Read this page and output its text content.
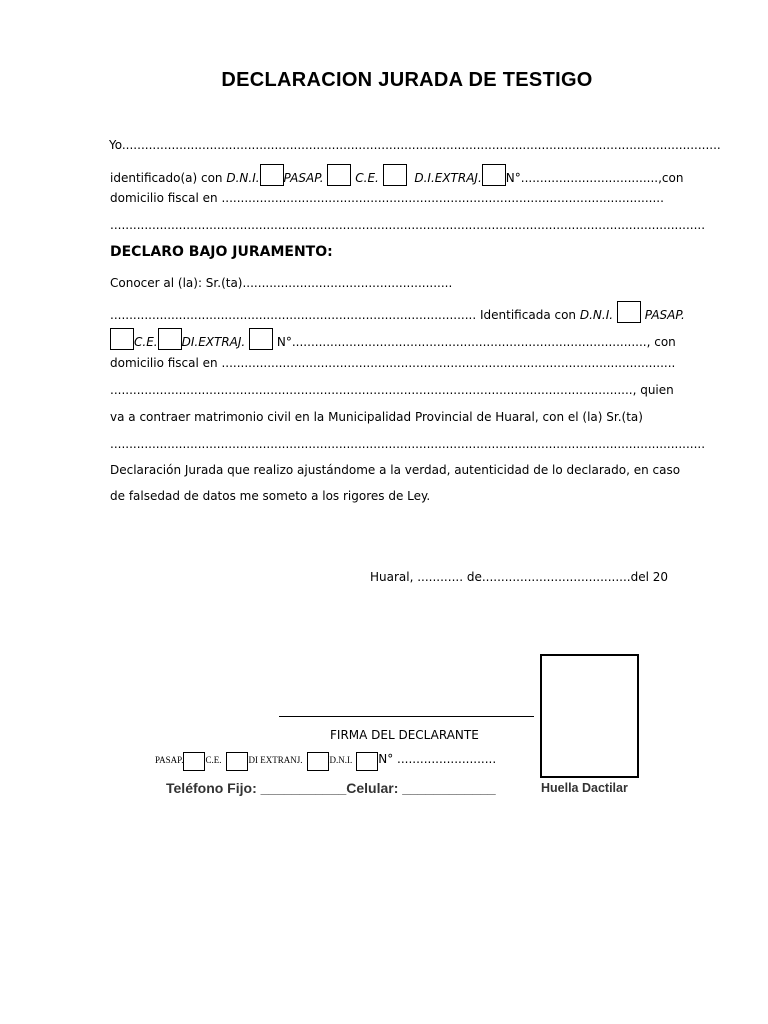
DECLARACION JURADA DE TESTIGO
Yo.............................................................................................................................................................
identificado(a) con D.N.I. PASAP.	C.E.	D.I.EXTRAJ. N°....................................,con
domicilio fiscal en ....................................................................................................................
............................................................................................................................................................
DECLARO BAJO JURAMENTO:
Conocer al (la): Sr.(ta).......................................................
................................................................................................ Identificada con D.N.I.	PASAP.
C.E. DI.EXTRAJ.	N°............................................................................................., con
domicilio fiscal en .......................................................................................................................
........................................................................................................................................., quien
va a contraer matrimonio civil en la Municipalidad Provincial de Huaral, con el (la) Sr.(ta)
............................................................................................................................................................
Declaración Jurada que realizo ajustándome a la verdad, autenticidad de lo declarado, en caso
de falsedad de datos me someto a los rigores de Ley.
Huaral, ............ de.......................................del 20
FIRMA DEL DECLARANTE
PASAP. C.E.	DI EXTRANJ.	D.N.I. N° ..........................
Teléfono Fijo: ___________Celular: ____________	Huella Dactilar
